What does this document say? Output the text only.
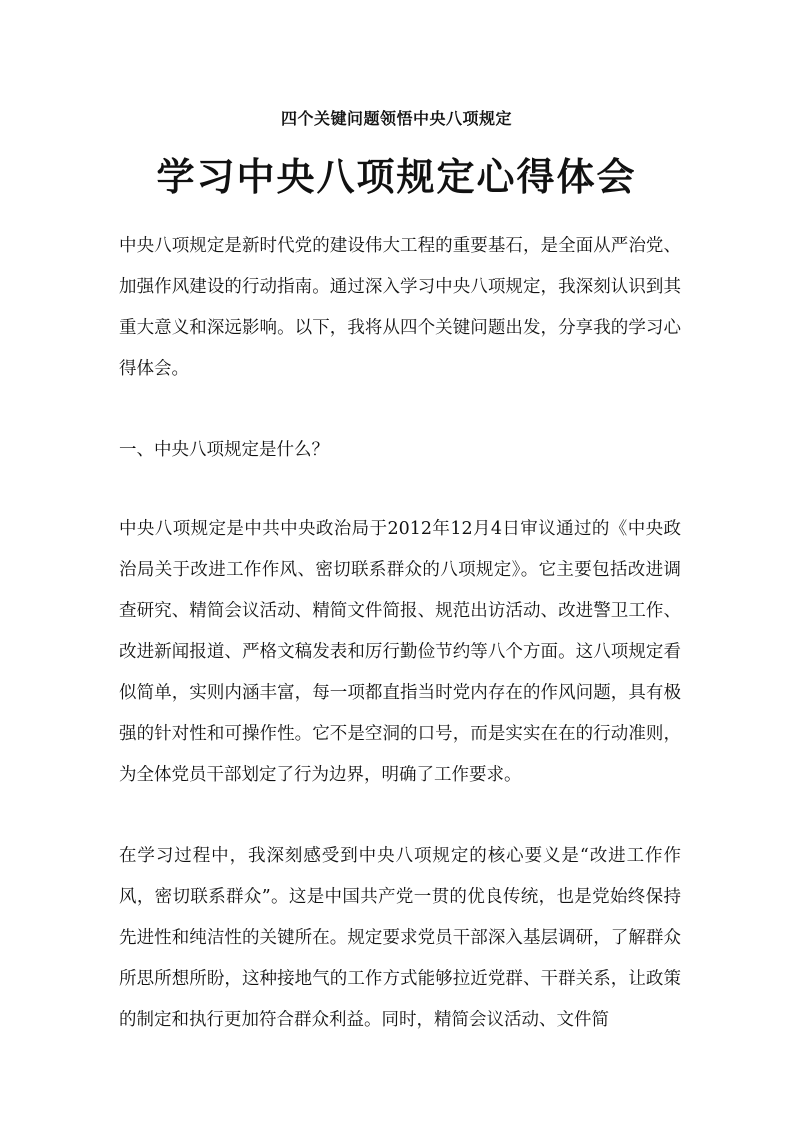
四个关键问题领悟中央八项规定
学习中央八项规定心得体会

中央八项规定是新时代党的建设伟大工程的重要基石，是全面从严治党、加强作风建设的行动指南。通过深入学习中央八项规定，我深刻认识到其重大意义和深远影响。以下，我将从四个关键问题出发，分享我的学习心得体会。

一、中央八项规定是什么？

中央八项规定是中共中央政治局于2012年12月4日审议通过的《中央政治局关于改进工作作风、密切联系群众的八项规定》。它主要包括改进调查研究、精简会议活动、精简文件简报、规范出访活动、改进警卫工作、改进新闻报道、严格文稿发表和厉行勤俭节约等八个方面。这八项规定看似简单，实则内涵丰富，每一项都直指当时党内存在的作风问题，具有极强的针对性和可操作性。它不是空洞的口号，而是实实在在的行动准则，为全体党员干部划定了行为边界，明确了工作要求。

在学习过程中，我深刻感受到中央八项规定的核心要义是“改进工作作风，密切联系群众”。这是中国共产党一贯的优良传统，也是党始终保持先进性和纯洁性的关键所在。规定要求党员干部深入基层调研，了解群众所思所想所盼，这种接地气的工作方式能够拉近党群、干群关系，让政策的制定和执行更加符合群众利益。同时，精简会议活动、文件简
